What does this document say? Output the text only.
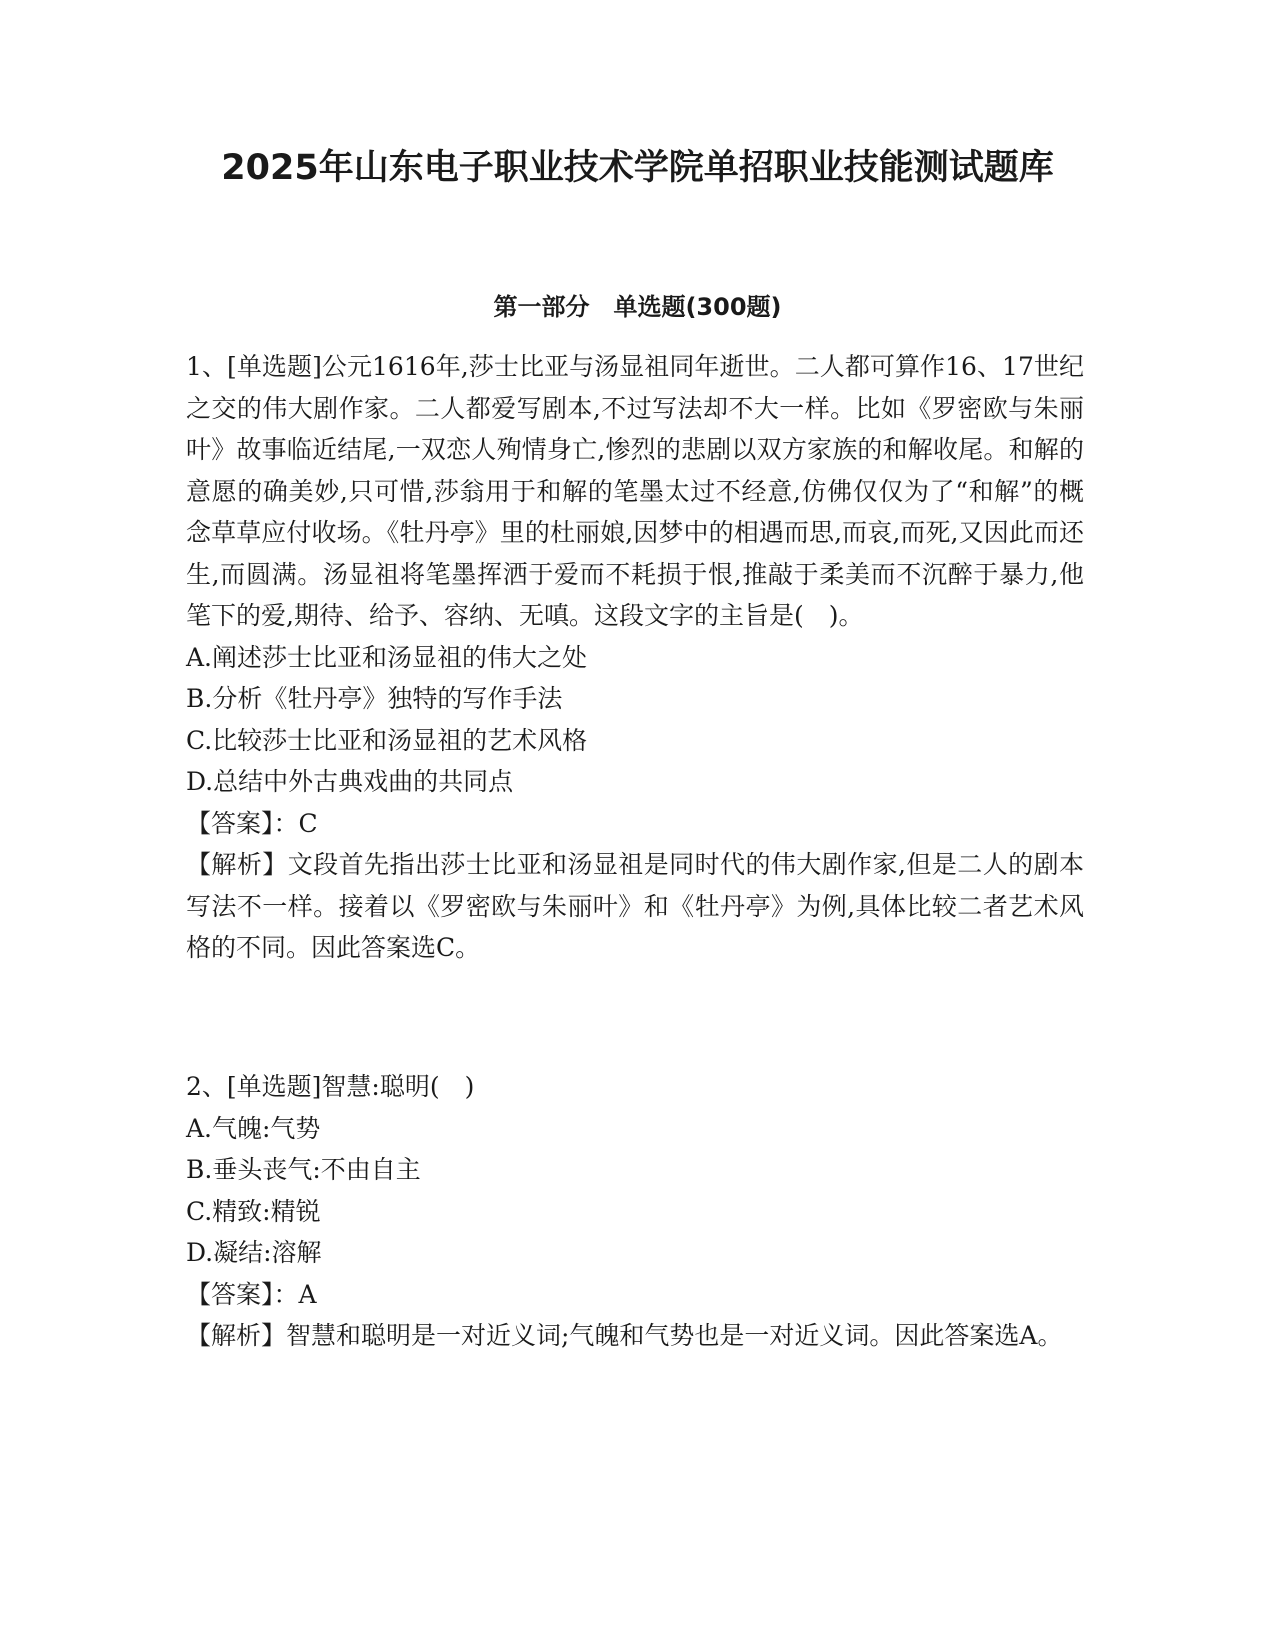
2025年山东电子职业技术学院单招职业技能测试题库
第一部分　单选题(300题)

1、[单选题]公元1616年,莎士比亚与汤显祖同年逝世。二人都可算作16、17世纪之交的伟大剧作家。二人都爱写剧本,不过写法却不大一样。比如《罗密欧与朱丽叶》故事临近结尾,一双恋人殉情身亡,惨烈的悲剧以双方家族的和解收尾。和解的意愿的确美妙,只可惜,莎翁用于和解的笔墨太过不经意,仿佛仅仅为了“和解”的概念草草应付收场。《牡丹亭》里的杜丽娘,因梦中的相遇而思,而哀,而死,又因此而还生,而圆满。汤显祖将笔墨挥洒于爱而不耗损于恨,推敲于柔美而不沉醉于暴力,他笔下的爱,期待、给予、容纳、无嗔。这段文字的主旨是(　)。

A.阐述莎士比亚和汤显祖的伟大之处

B.分析《牡丹亭》独特的写作手法

C.比较莎士比亚和汤显祖的艺术风格

D.总结中外古典戏曲的共同点

【答案】：C

【解析】文段首先指出莎士比亚和汤显祖是同时代的伟大剧作家,但是二人的剧本写法不一样。接着以《罗密欧与朱丽叶》和《牡丹亭》为例,具体比较二者艺术风格的不同。因此答案选C。

2、[单选题]智慧:聪明(　)

A.气魄:气势

B.垂头丧气:不由自主

C.精致:精锐

D.凝结:溶解

【答案】：A

【解析】智慧和聪明是一对近义词;气魄和气势也是一对近义词。因此答案选A。
